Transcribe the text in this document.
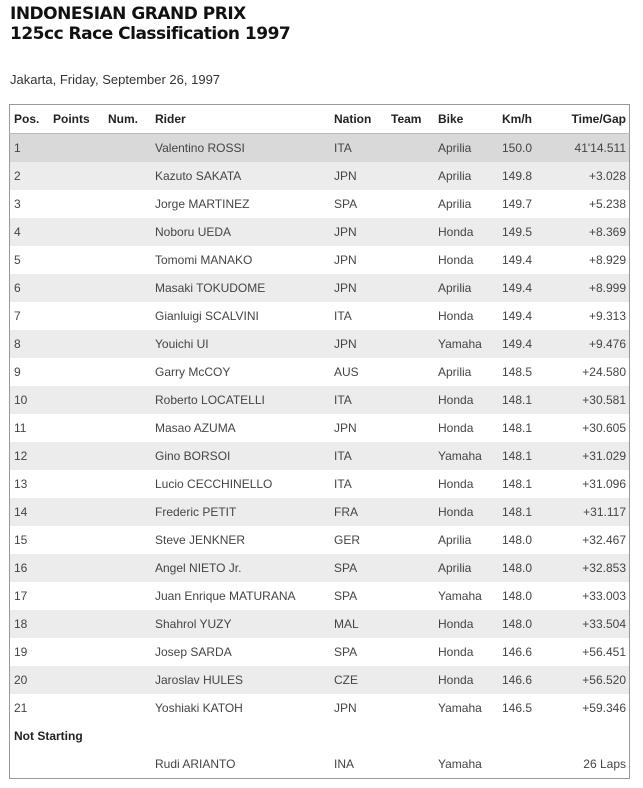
INDONESIAN GRAND PRIX
125cc Race Classification 1997
Jakarta, Friday, September 26, 1997
Pos.	Points	Num.	Rider	Nation	Team	Bike	Km/h	Time/Gap
1			Valentino ROSSI	ITA		Aprilia	150.0	41'14.511
2			Kazuto SAKATA	JPN		Aprilia	149.8	+3.028
3			Jorge MARTINEZ	SPA		Aprilia	149.7	+5.238
4			Noboru UEDA	JPN		Honda	149.5	+8.369
5			Tomomi MANAKO	JPN		Honda	149.4	+8.929
6			Masaki TOKUDOME	JPN		Aprilia	149.4	+8.999
7			Gianluigi SCALVINI	ITA		Honda	149.4	+9.313
8			Youichi UI	JPN		Yamaha	149.4	+9.476
9			Garry McCOY	AUS		Aprilia	148.5	+24.580
10			Roberto LOCATELLI	ITA		Honda	148.1	+30.581
11			Masao AZUMA	JPN		Honda	148.1	+30.605
12			Gino BORSOI	ITA		Yamaha	148.1	+31.029
13			Lucio CECCHINELLO	ITA		Honda	148.1	+31.096
14			Frederic PETIT	FRA		Honda	148.1	+31.117
15			Steve JENKNER	GER		Aprilia	148.0	+32.467
16			Angel NIETO Jr.	SPA		Aprilia	148.0	+32.853
17			Juan Enrique MATURANA	SPA		Yamaha	148.0	+33.003
18			Shahrol YUZY	MAL		Honda	148.0	+33.504
19			Josep SARDA	SPA		Honda	146.6	+56.451
20			Jaroslav HULES	CZE		Honda	146.6	+56.520
21			Yoshiaki KATOH	JPN		Yamaha	146.5	+59.346
Not Starting								
			Rudi ARIANTO	INA		Yamaha		26 Laps
